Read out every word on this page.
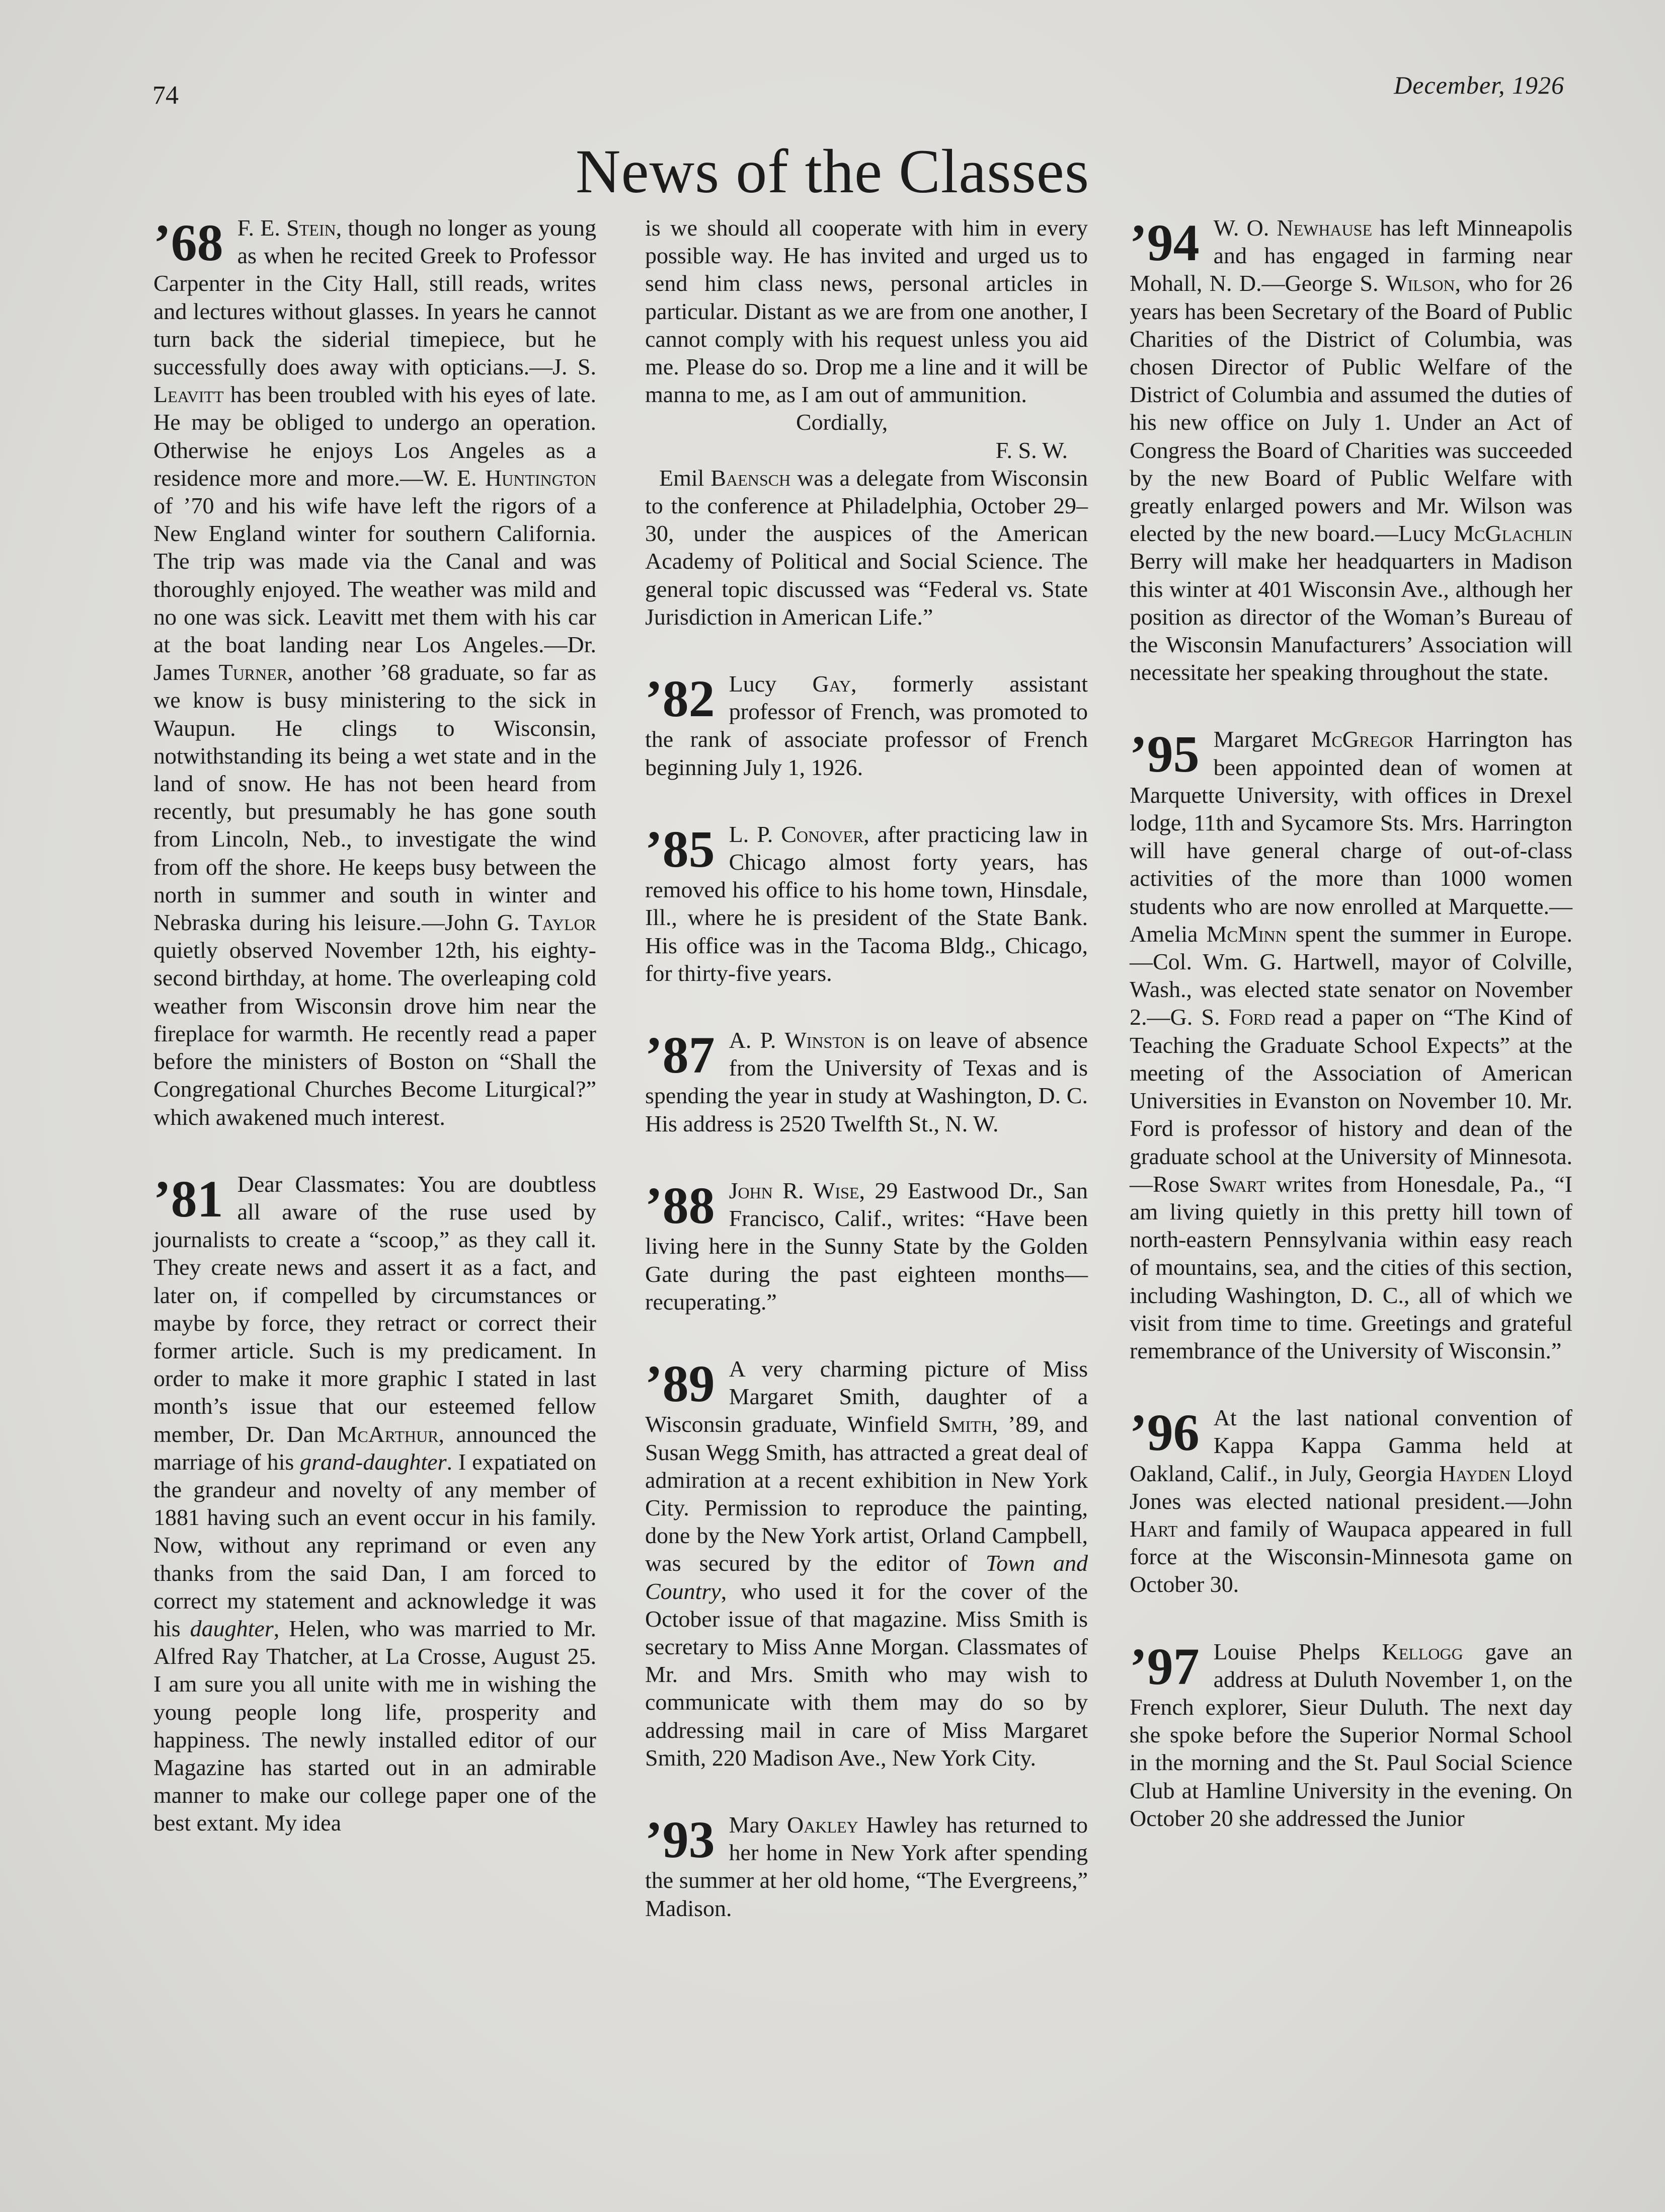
74	December, 1926
News of the Classes
’68 F. E. Stein, though no longer as young as when he recited Greek to Professor Carpenter in the City Hall, still reads, writes and lectures without glasses. In years he cannot turn back the siderial timepiece, but he successfully does away with opticians.—J. S. Leavitt has been troubled with his eyes of late. He may be obliged to undergo an operation. Otherwise he enjoys Los Angeles as a residence more and more.—W. E. Huntington of ’70 and his wife have left the rigors of a New England winter for southern California. The trip was made via the Canal and was thoroughly enjoyed. The weather was mild and no one was sick. Leavitt met them with his car at the boat landing near Los Angeles.—Dr. James Turner, another ’68 graduate, so far as we know is busy ministering to the sick in Waupun. He clings to Wisconsin, notwithstanding its being a wet state and in the land of snow. He has not been heard from recently, but presumably he has gone south from Lincoln, Neb., to investigate the wind from off the shore. He keeps busy between the north in summer and south in winter and Nebraska during his leisure.—John G. Taylor quietly observed November 12th, his eighty-second birthday, at home. The overleaping cold weather from Wisconsin drove him near the fireplace for warmth. He recently read a paper before the ministers of Boston on “Shall the Congregational Churches Become Liturgical?” which awakened much interest.

’81 Dear Classmates: You are doubtless all aware of the ruse used by journalists to create a “scoop,” as they call it. They create news and assert it as a fact, and later on, if compelled by circumstances or maybe by force, they retract or correct their former article. Such is my predicament. In order to make it more graphic I stated in last month’s issue that our esteemed fellow member, Dr. Dan McArthur, announced the marriage of his grand-daughter. I expatiated on the grandeur and novelty of any member of 1881 having such an event occur in his family. Now, without any reprimand or even any thanks from the said Dan, I am forced to correct my statement and acknowledge it was his daughter, Helen, who was married to Mr. Alfred Ray Thatcher, at La Crosse, August 25. I am sure you all unite with me in wishing the young people long life, prosperity and happiness. The newly installed editor of our Magazine has started out in an admirable manner to make our college paper one of the best extant. My idea

is we should all cooperate with him in every possible way. He has invited and urged us to send him class news, personal articles in particular. Distant as we are from one another, I cannot comply with his request unless you aid me. Please do so. Drop me a line and it will be manna to me, as I am out of ammunition.

Cordially,

F. S. W.

Emil Baensch was a delegate from Wisconsin to the conference at Philadelphia, October 29–30, under the auspices of the American Academy of Political and Social Science. The general topic discussed was “Federal vs. State Jurisdiction in American Life.”

’82 Lucy Gay, formerly assistant professor of French, was promoted to the rank of associate professor of French beginning July 1, 1926.

’85 L. P. Conover, after practicing law in Chicago almost forty years, has removed his office to his home town, Hinsdale, Ill., where he is president of the State Bank. His office was in the Tacoma Bldg., Chicago, for thirty-five years.

’87 A. P. Winston is on leave of absence from the University of Texas and is spending the year in study at Washington, D. C. His address is 2520 Twelfth St., N. W.

’88 John R. Wise, 29 Eastwood Dr., San Francisco, Calif., writes: “Have been living here in the Sunny State by the Golden Gate during the past eighteen months—recuperating.”

’89 A very charming picture of Miss Margaret Smith, daughter of a Wisconsin graduate, Winfield Smith, ’89, and Susan Wegg Smith, has attracted a great deal of admiration at a recent exhibition in New York City. Permission to reproduce the painting, done by the New York artist, Orland Campbell, was secured by the editor of Town and Country, who used it for the cover of the October issue of that magazine. Miss Smith is secretary to Miss Anne Morgan. Classmates of Mr. and Mrs. Smith who may wish to communicate with them may do so by addressing mail in care of Miss Margaret Smith, 220 Madison Ave., New York City.

’93 Mary Oakley Hawley has returned to her home in New York after spending the summer at her old home, “The Evergreens,” Madison.

’94 W. O. Newhause has left Minneapolis and has engaged in farming near Mohall, N. D.—George S. Wilson, who for 26 years has been Secretary of the Board of Public Charities of the District of Columbia, was chosen Director of Public Welfare of the District of Columbia and assumed the duties of his new office on July 1. Under an Act of Congress the Board of Charities was succeeded by the new Board of Public Welfare with greatly enlarged powers and Mr. Wilson was elected by the new board.—Lucy McGlachlin Berry will make her headquarters in Madison this winter at 401 Wisconsin Ave., although her position as director of the Woman’s Bureau of the Wisconsin Manufacturers’ Association will necessitate her speaking throughout the state.

’95 Margaret McGregor Harrington has been appointed dean of women at Marquette University, with offices in Drexel lodge, 11th and Sycamore Sts. Mrs. Harrington will have general charge of out-of-class activities of the more than 1000 women students who are now enrolled at Marquette.—Amelia McMinn spent the summer in Europe.—Col. Wm. G. Hartwell, mayor of Colville, Wash., was elected state senator on November 2.—G. S. Ford read a paper on “The Kind of Teaching the Graduate School Expects” at the meeting of the Association of American Universities in Evanston on November 10. Mr. Ford is professor of history and dean of the graduate school at the University of Minnesota.—Rose Swart writes from Honesdale, Pa., “I am living quietly in this pretty hill town of north-eastern Pennsylvania within easy reach of mountains, sea, and the cities of this section, including Washington, D. C., all of which we visit from time to time. Greetings and grateful remembrance of the University of Wisconsin.”

’96 At the last national convention of Kappa Kappa Gamma held at Oakland, Calif., in July, Georgia Hayden Lloyd Jones was elected national president.—John Hart and family of Waupaca appeared in full force at the Wisconsin-Minnesota game on October 30.

’97 Louise Phelps Kellogg gave an address at Duluth November 1, on the French explorer, Sieur Duluth. The next day she spoke before the Superior Normal School in the morning and the St. Paul Social Science Club at Hamline University in the evening. On October 20 she addressed the Junior
